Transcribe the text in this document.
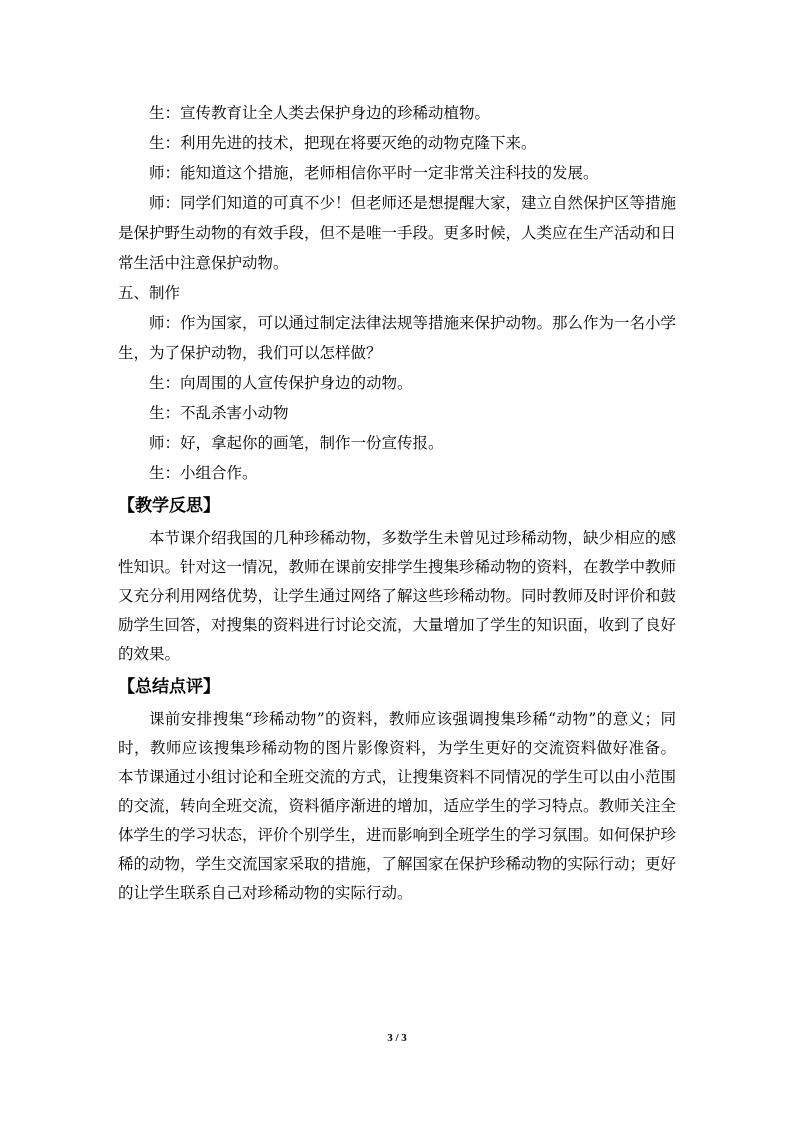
生：宣传教育让全人类去保护身边的珍稀动植物。
生：利用先进的技术，把现在将要灭绝的动物克隆下来。
师：能知道这个措施，老师相信你平时一定非常关注科技的发展。

师：同学们知道的可真不少！但老师还是想提醒大家，建立自然保护区等措施是保护野生动物的有效手段，但不是唯一手段。更多时候，人类应在生产活动和日常生活中注意保护动物。

五、制作

师：作为国家，可以通过制定法律法规等措施来保护动物。那么作为一名小学生，为了保护动物，我们可以怎样做？

生：向周围的人宣传保护身边的动物。
生：不乱杀害小动物
师：好，拿起你的画笔，制作一份宣传报。
生：小组合作。
【教学反思】

本节课介绍我国的几种珍稀动物，多数学生未曾见过珍稀动物，缺少相应的感性知识。针对这一情况，教师在课前安排学生搜集珍稀动物的资料，在教学中教师又充分利用网络优势，让学生通过网络了解这些珍稀动物。同时教师及时评价和鼓励学生回答，对搜集的资料进行讨论交流，大量增加了学生的知识面，收到了良好的效果。

【总结点评】

课前安排搜集“珍稀动物”的资料，教师应该强调搜集珍稀“动物”的意义；同时，教师应该搜集珍稀动物的图片影像资料，为学生更好的交流资料做好准备。  本节课通过小组讨论和全班交流的方式，让搜集资料不同情况的学生可以由小范围的交流，转向全班交流，资料循序渐进的增加，适应学生的学习特点。教师关注全体学生的学习状态，评价个别学生，进而影响到全班学生的学习氛围。如何保护珍稀的动物，学生交流国家采取的措施，了解国家在保护珍稀动物的实际行动；更好的让学生联系自己对珍稀动物的实际行动。

3 / 3
